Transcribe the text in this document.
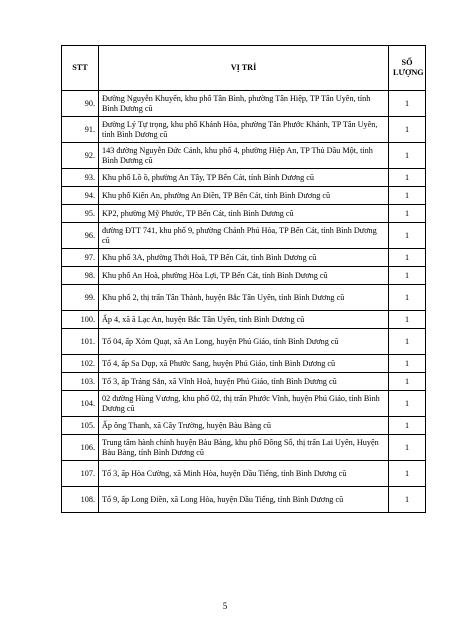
STT	VỊ TRÍ	SỐ LƯỢNG
90.	Đường Nguyễn Khuyến, khu phố Tân Bình, phường Tân Hiệp, TP Tân Uyên, tỉnh Bình Dương cũ	1
91.	Đường Lý Tự trọng, khu phố Khánh Hòa, phường Tân Phước Khánh, TP Tân Uyên, tỉnh Bình Dương cũ	1
92.	143 đường Nguyễn Đức Cảnh, khu phố 4, phường Hiệp An, TP Thủ Dầu Một, tỉnh Bình Dương cũ	1
93.	Khu phố Lồ ồ, phường An Tây, TP Bến Cát, tỉnh Bình Dương cũ	1
94.	Khu phố Kiến An, phường An Điền, TP Bến Cát, tỉnh Bình Dương cũ	1
95.	KP2, phường Mỹ Phước, TP Bến Cát, tỉnh Bình Dương cũ	1
96.	đường ĐTT 741, khu phố 9, phường Chánh Phú Hòa, TP Bến Cát, tỉnh Bình Dương cũ	1
97.	Khu phố 3A, phường Thới Hoà, TP Bến Cát, tỉnh Bình Dương cũ	1
98.	Khu phố An Hoà, phường Hòa Lợi, TP Bến Cát, tỉnh Bình Dương cũ	1
99.	Khu phố 2, thị trấn Tân Thành, huyện Bắc Tân Uyên, tỉnh Bình Dương cũ	1
100.	Ấp 4, xã ã Lạc An, huyện Bắc Tân Uyên, tỉnh Bình Dương cũ	1
101.	Tổ 04, ấp Xóm Quạt, xã An Long, huyện Phú Giáo, tỉnh Bình Dương cũ	1
102.	Tổ 4, ấp Sa Dụp, xã Phước Sang, huyện Phú Giáo, tỉnh Bình Dương cũ	1
103.	Tổ 3, ấp Trảng Sắn, xã Vĩnh Hoà, huyện Phú Giáo, tỉnh Bình Dương cũ	1
104.	02 đường Hùng Vương, khu phố 02, thị trấn Phước Vĩnh, huyện Phú Giáo, tỉnh Bình Dương cũ	1
105.	Ấp ông Thanh, xã Cây Trường, huyện Bàu Bàng cũ	1
106.	Trung tâm hành chính huyện Bàu Bàng, khu phố Đồng Sổ, thị trấn Lai Uyên, Huyện Bàu Bàng, tỉnh Bình Dương cũ	1
107.	Tổ 3, ấp Hòa Cường, xã Minh Hòa, huyện Dầu Tiếng, tỉnh Bình Dương cũ	1
108.	Tổ 9, ấp Long Điền, xã Long Hòa, huyện Dầu Tiếng, tỉnh Bình Dương cũ	1
5
